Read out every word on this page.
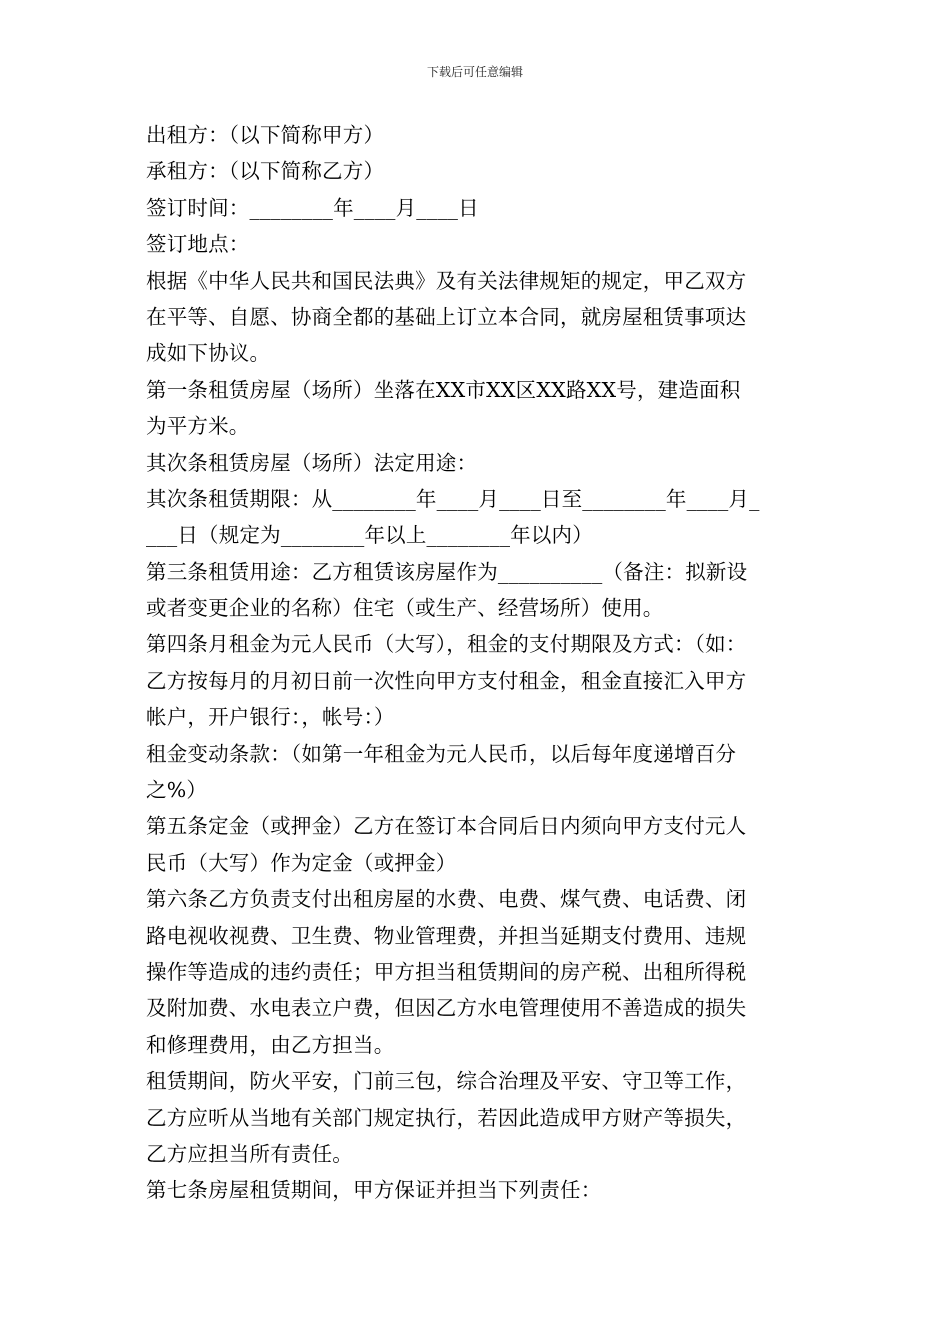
下载后可任意编辑
出租方：（以下简称甲方）
承租方：（以下简称乙方）
签订时间：________年____月____日
签订地点：
根据《中华人民共和国民法典》及有关法律规矩的规定，甲乙双方
在平等、自愿、协商全都的基础上订立本合同，就房屋租赁事项达
成如下协议。
第一条租赁房屋（场所）坐落在XX市XX区XX路XX号，建造面积
为平方米。
其次条租赁房屋（场所）法定用途：
其次条租赁期限：从________年____月____日至________年____月_
___日（规定为________年以上________年以内）
第三条租赁用途：乙方租赁该房屋作为__________（备注：拟新设
或者变更企业的名称）住宅（或生产、经营场所）使用。
第四条月租金为元人民币（大写），租金的支付期限及方式：（如：
乙方按每月的月初日前一次性向甲方支付租金，租金直接汇入甲方
帐户，开户银行：，帐号：）
租金变动条款：（如第一年租金为元人民币，以后每年度递增百分
之%）
第五条定金（或押金）乙方在签订本合同后日内须向甲方支付元人
民币（大写）作为定金（或押金）
第六条乙方负责支付出租房屋的水费、电费、煤气费、电话费、闭
路电视收视费、卫生费、物业管理费，并担当延期支付费用、违规
操作等造成的违约责任；甲方担当租赁期间的房产税、出租所得税
及附加费、水电表立户费，但因乙方水电管理使用不善造成的损失
和修理费用，由乙方担当。
租赁期间，防火平安，门前三包，综合治理及平安、守卫等工作，
乙方应听从当地有关部门规定执行，若因此造成甲方财产等损失，
乙方应担当所有责任。
第七条房屋租赁期间，甲方保证并担当下列责任：
